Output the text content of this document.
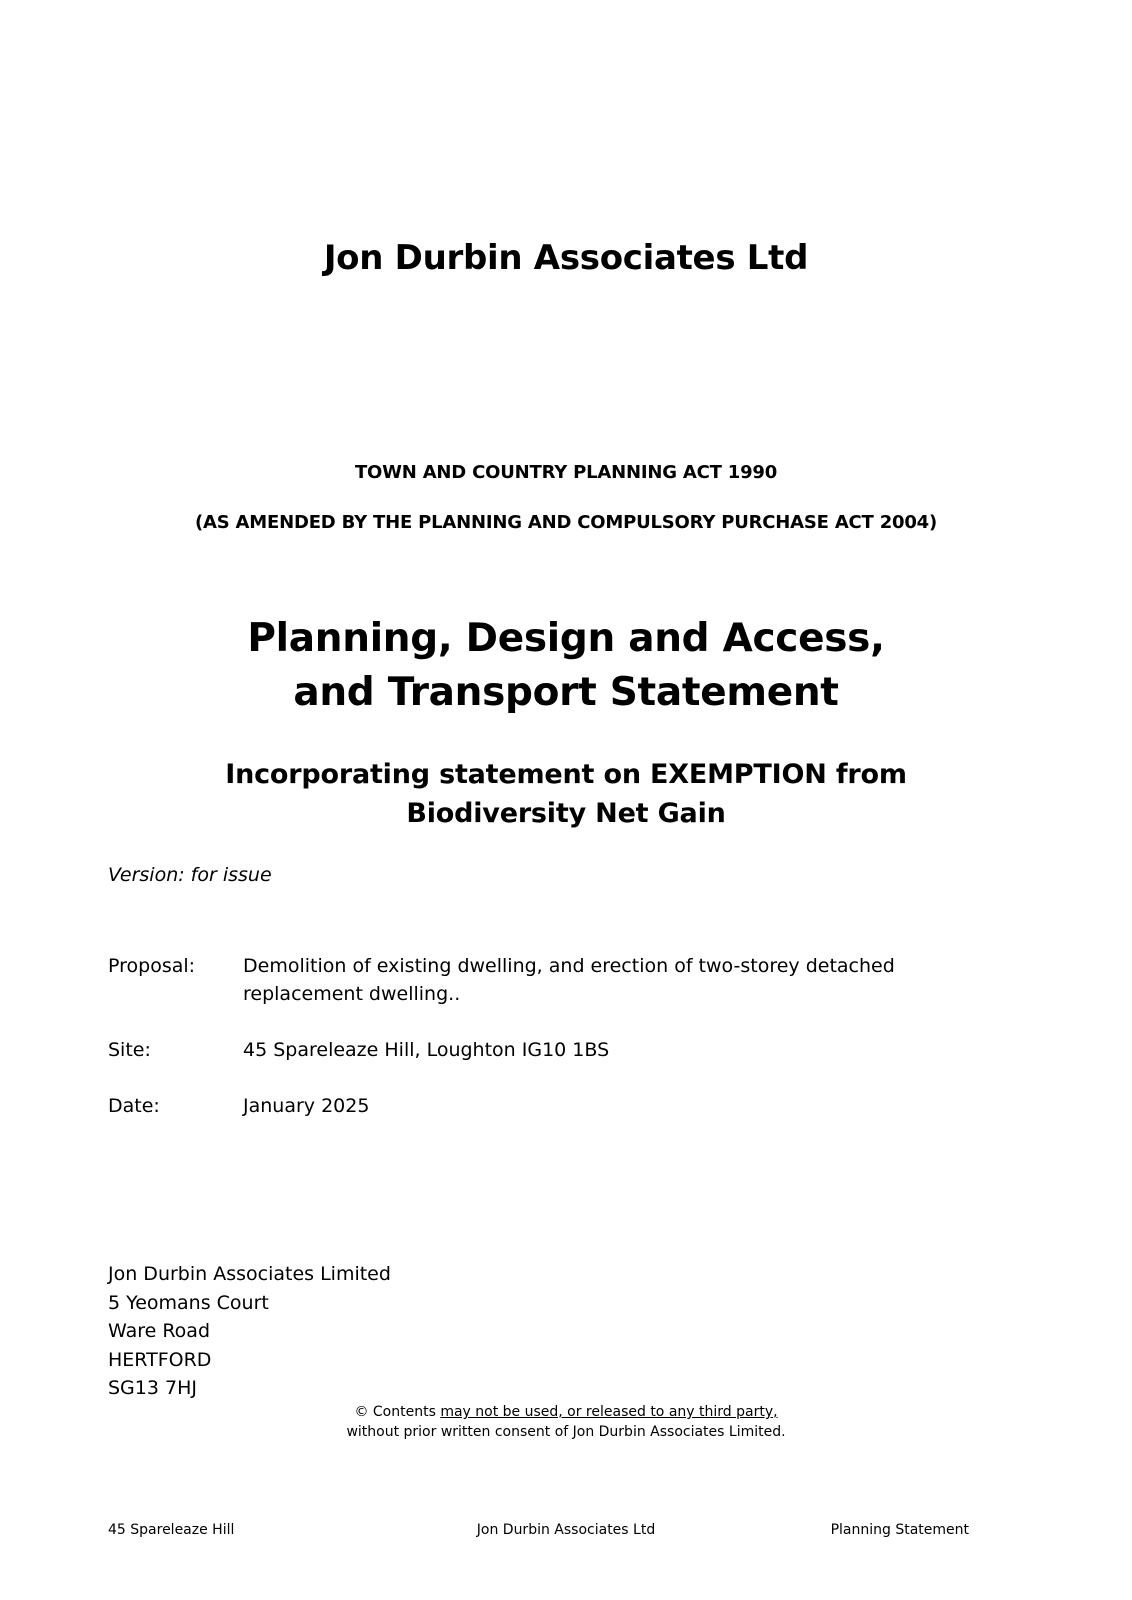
Jon Durbin Associates Ltd
TOWN AND COUNTRY PLANNING ACT 1990
(AS AMENDED BY THE PLANNING AND COMPULSORY PURCHASE ACT 2004)
Planning, Design and Access,
and Transport Statement
Incorporating statement on EXEMPTION from
Biodiversity Net Gain
Version: for issue
Proposal:	Demolition of existing dwelling, and erection of two-storey detached replacement dwelling..
Site:	45 Spareleaze Hill, Loughton IG10 1BS
Date:	January 2025
Jon Durbin Associates Limited
5 Yeomans Court
Ware Road
HERTFORD
SG13 7HJ
© Contents may not be used, or released to any third party,
without prior written consent of Jon Durbin Associates Limited.
45 Spareleaze Hill	Jon Durbin Associates Ltd	Planning Statement
